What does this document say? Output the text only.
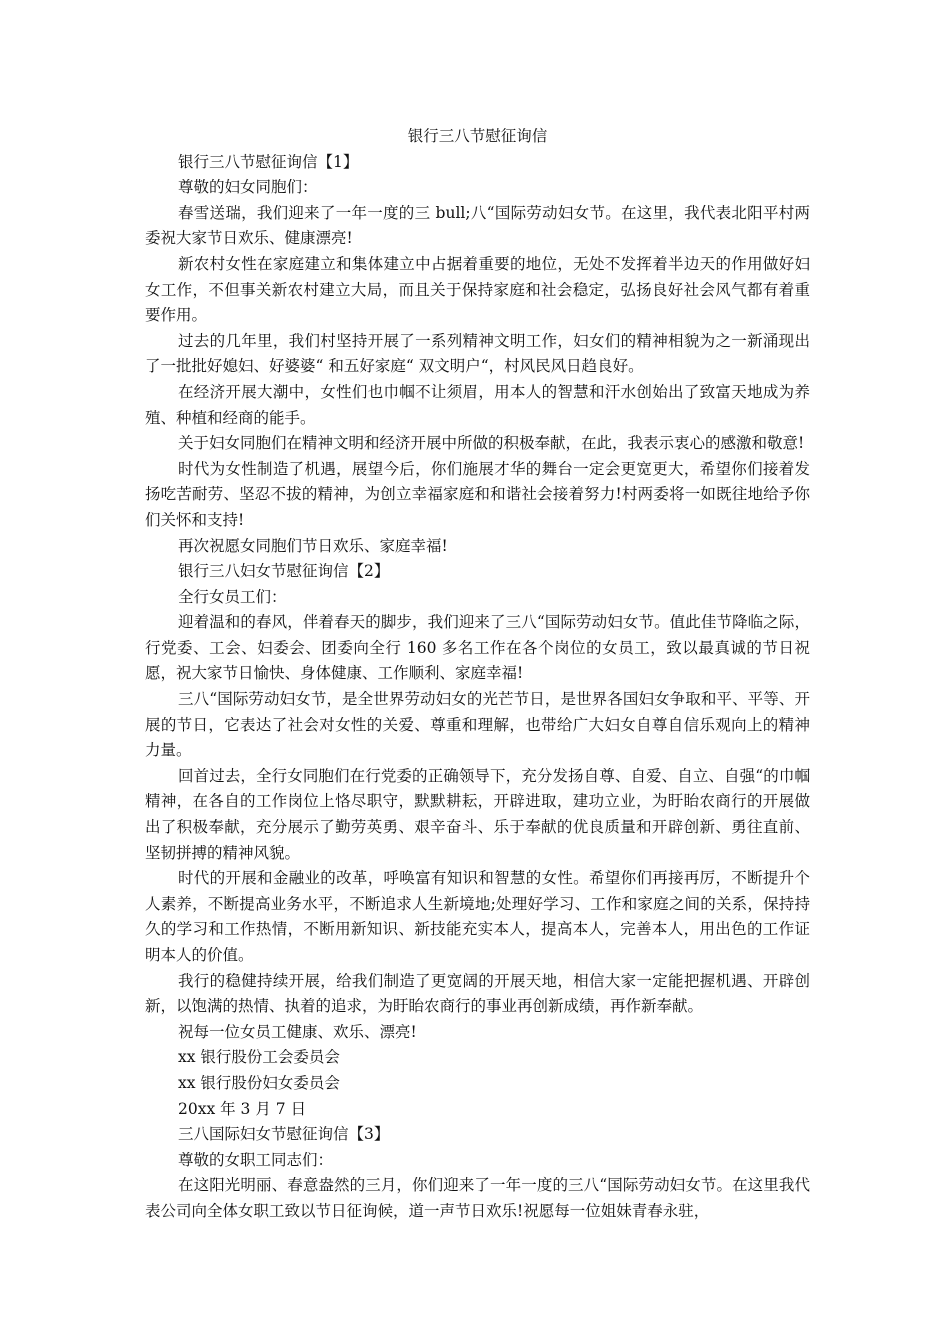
银行三八节慰征询信

银行三八节慰征询信【1】

尊敬的妇女同胞们：

春雪送瑞，我们迎来了一年一度的三 bull;八“国际劳动妇女节。在这里，我代表北阳平村两委祝大家节日欢乐、健康漂亮!

新农村女性在家庭建立和集体建立中占据着重要的地位，无处不发挥着半边天的作用做好妇女工作，不但事关新农村建立大局，而且关于保持家庭和社会稳定，弘扬良好社会风气都有着重要作用。

过去的几年里，我们村坚持开展了一系列精神文明工作，妇女们的精神相貌为之一新涌现出了一批批好媳妇、好婆婆“ 和五好家庭“ 双文明户“，村风民风日趋良好。

在经济开展大潮中，女性们也巾帼不让须眉，用本人的智慧和汗水创始出了致富天地成为养殖、种植和经商的能手。

关于妇女同胞们在精神文明和经济开展中所做的积极奉献，在此，我表示衷心的感激和敬意!

时代为女性制造了机遇，展望今后，你们施展才华的舞台一定会更宽更大，希望你们接着发扬吃苦耐劳、坚忍不拔的精神，为创立幸福家庭和和谐社会接着努力!村两委将一如既往地给予你们关怀和支持!

再次祝愿女同胞们节日欢乐、家庭幸福!

银行三八妇女节慰征询信【2】

全行女员工们：

迎着温和的春风，伴着春天的脚步，我们迎来了三八“国际劳动妇女节。值此佳节降临之际，行党委、工会、妇委会、团委向全行 160 多名工作在各个岗位的女员工，致以最真诚的节日祝愿，祝大家节日愉快、身体健康、工作顺利、家庭幸福!

三八“国际劳动妇女节，是全世界劳动妇女的光芒节日，是世界各国妇女争取和平、平等、开展的节日，它表达了社会对女性的关爱、尊重和理解，也带给广大妇女自尊自信乐观向上的精神力量。

回首过去，全行女同胞们在行党委的正确领导下，充分发扬自尊、自爱、自立、自强“的巾帼精神，在各自的工作岗位上恪尽职守，默默耕耘，开辟进取，建功立业，为盱眙农商行的开展做出了积极奉献，充分展示了勤劳英勇、艰辛奋斗、乐于奉献的优良质量和开辟创新、勇往直前、坚韧拼搏的精神风貌。

时代的开展和金融业的改革，呼唤富有知识和智慧的女性。希望你们再接再厉，不断提升个人素养，不断提高业务水平，不断追求人生新境地;处理好学习、工作和家庭之间的关系，保持持久的学习和工作热情，不断用新知识、新技能充实本人，提高本人，完善本人，用出色的工作证明本人的价值。

我行的稳健持续开展，给我们制造了更宽阔的开展天地，相信大家一定能把握机遇、开辟创新，以饱满的热情、执着的追求，为盱眙农商行的事业再创新成绩，再作新奉献。

祝每一位女员工健康、欢乐、漂亮!

xx 银行股份工会委员会

xx 银行股份妇女委员会

20xx 年 3 月 7 日

三八国际妇女节慰征询信【3】

尊敬的女职工同志们：

在这阳光明丽、春意盎然的三月，你们迎来了一年一度的三八“国际劳动妇女节。在这里我代表公司向全体女职工致以节日征询候，道一声节日欢乐!祝愿每一位姐妹青春永驻，
